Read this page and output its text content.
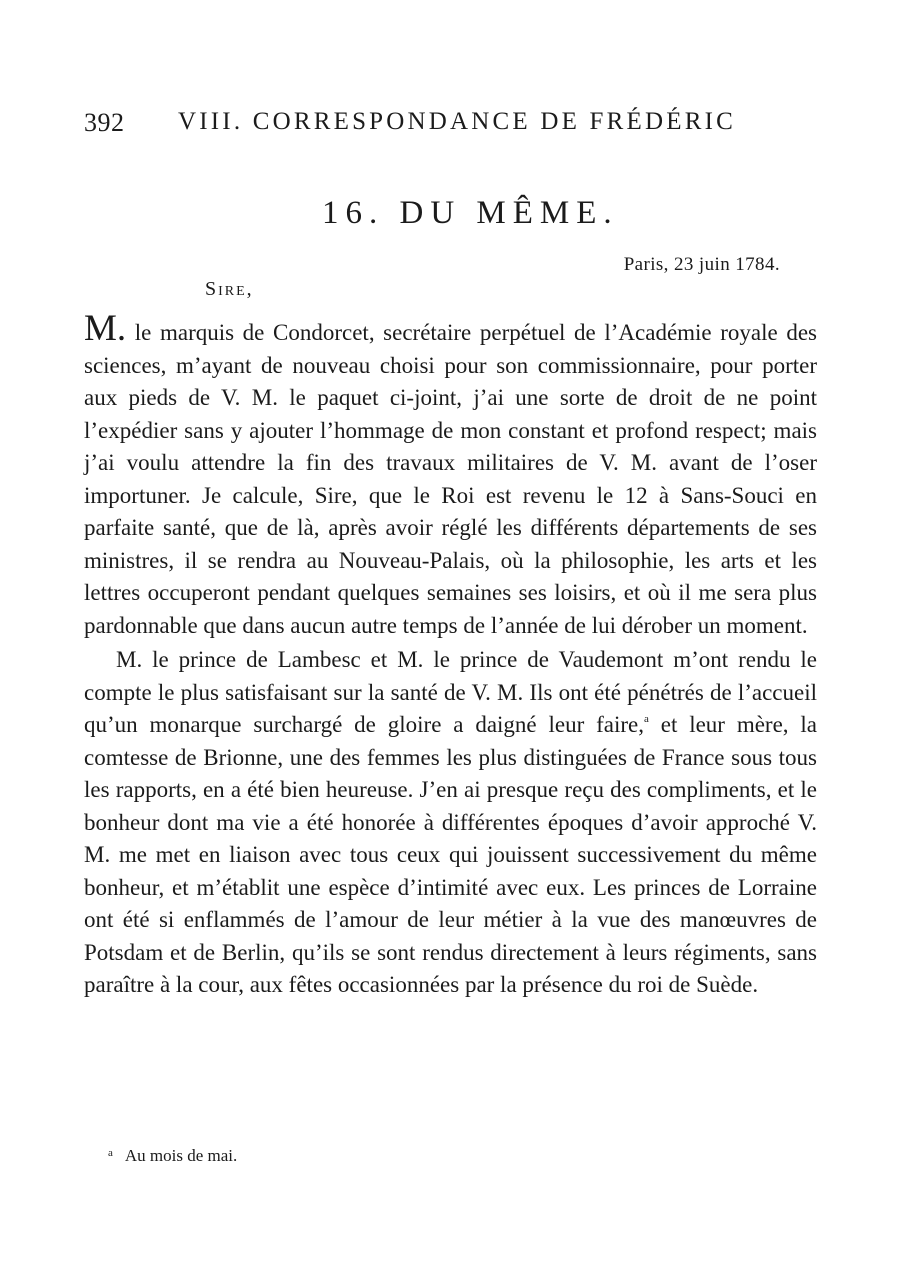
392 VIII. CORRESPONDANCE DE FRÉDÉRIC
16. DU MÊME.
Paris, 23 juin 1784.
Sire,

M. le marquis de Condorcet, secrétaire perpétuel de l’Académie royale des sciences, m’ayant de nouveau choisi pour son commissionnaire, pour porter aux pieds de V. M. le paquet ci-joint, j’ai une sorte de droit de ne point l’expédier sans y ajouter l’hommage de mon constant et profond respect; mais j’ai voulu attendre la fin des travaux militaires de V. M. avant de l’oser importuner. Je calcule, Sire, que le Roi est revenu le 12 à Sans-Souci en parfaite santé, que de là, après avoir réglé les différents départements de ses ministres, il se rendra au Nouveau-Palais, où la philosophie, les arts et les lettres occuperont pendant quelques semaines ses loisirs, et où il me sera plus pardonnable que dans aucun autre temps de l’année de lui dérober un moment.

M. le prince de Lambesc et M. le prince de Vaudemont m’ont rendu le compte le plus satisfaisant sur la santé de V. M. Ils ont été pénétrés de l’accueil qu’un monarque surchargé de gloire a daigné leur faire,$^a$ et leur mère, la comtesse de Brionne, une des femmes les plus distinguées de France sous tous les rapports, en a été bien heureuse. J’en ai presque reçu des compliments, et le bonheur dont ma vie a été honorée à différentes époques d’avoir approché V. M. me met en liaison avec tous ceux qui jouissent successivement du même bonheur, et m’établit une espèce d’intimité avec eux. Les princes de Lorraine ont été si enflammés de l’amour de leur métier à la vue des manœuvres de Potsdam et de Berlin, qu’ils se sont rendus directement à leurs régiments, sans paraître à la cour, aux fêtes occasionnées par la présence du roi de Suède.

$^a$ Au mois de mai.
